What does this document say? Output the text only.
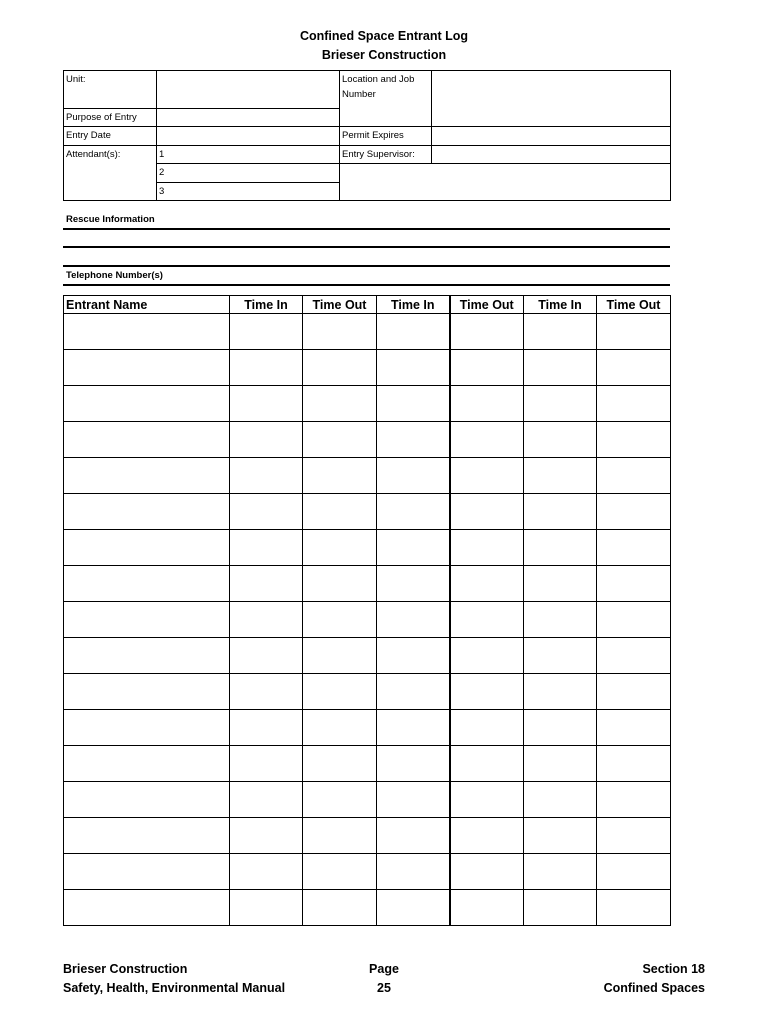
Confined Space Entrant Log
Brieser Construction
Unit:		Location and Job Number	
Purpose of Entry			
Entry Date		Permit Expires	
Attendant(s):	1	Entry Supervisor:	
	2		
	3		
Rescue Information
Telephone Number(s)
Entrant Name	Time In	Time Out	Time In	Time Out	Time In	Time Out

Brieser Construction
Safety, Health, Environmental Manual
Page
25
Section 18
Confined Spaces
